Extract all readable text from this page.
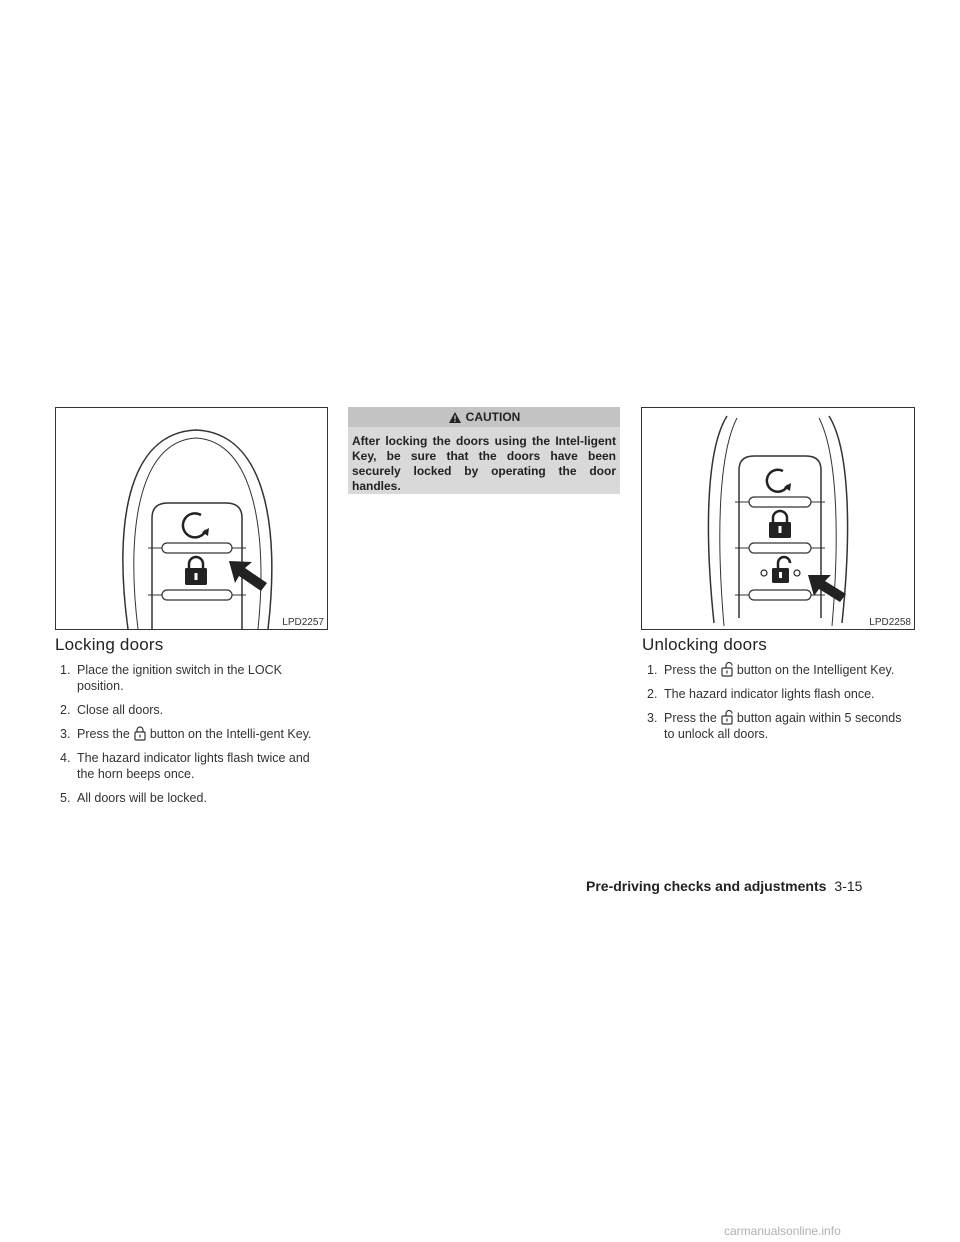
LPD2257
Locking doors
1. Place the ignition switch in the LOCK position.
2. Close all doors.
3. Press the button on the Intelli-gent Key.
4. The hazard indicator lights flash twice and the horn beeps once.
5. All doors will be locked.
CAUTION
After locking the doors using the Intel-ligent Key, be sure that the doors have been securely locked by operating the door handles.
LPD2258
Unlocking doors
1. Press the button on the Intelligent Key.
2. The hazard indicator lights flash once.
3. Press the button again within 5 seconds to unlock all doors.
Pre-driving checks and adjustments 3-15
carmanualsonline.info
